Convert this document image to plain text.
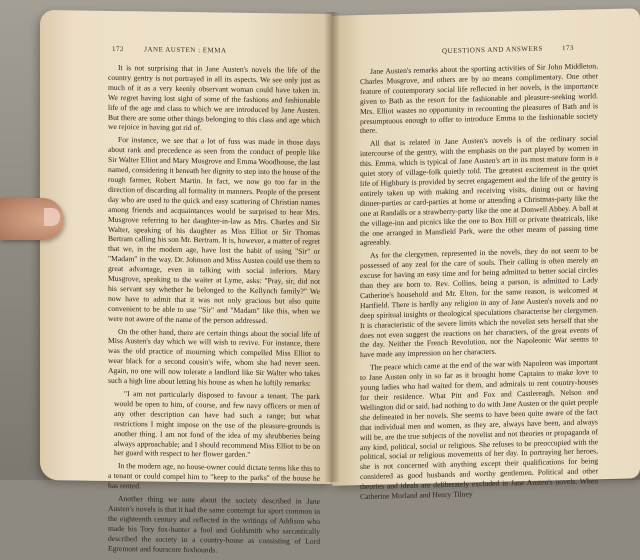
172	JANE AUSTEN : EMMA

It is not surprising that in Jane Austen's novels the life of the country gentry is not portrayed in all its aspects. We see only just as much of it as a very keenly observant woman could have taken in. We regret having lost sight of some of the fashions and fashionable life of the age and class to which we are introduced by Jane Austen. But there are some other things belonging to this class and age which we rejoice in having got rid of.

For instance, we see that a lot of fuss was made in those days about rank and precedence as seen from the conduct of people like Sir Walter Elliot and Mary Musgrove and Emma Woodhouse, the last named, considering it beneath her dignity to step into the house of the rough farmer, Robert Martin. In fact, we now go too far in the direction of discarding all formality in manners. People of the present day who are used to the quick and easy scattering of Christian names among friends and acquaintances would be surprised to hear Mrs. Musgrove referring to her daughter-in-law as Mrs. Charles and Sir Walter, speaking of his daughter as Miss Elliot or Sir Thomas Bertram calling his son Mr. Bertram. It is, however, a matter of regret that we, in the modern age, have lost the habit of using "Sir" or "Madam" in the way. Dr. Johnson and Miss Austen could use them to great advantage, even in talking with social inferiors. Mary Musgrove, speaking to the waiter at Lyme, asks: "Pray, sir, did not his servant say whether he belonged to the Kellynch family?" We now have to admit that it was not only gracious but also quite convenient to be able to use "Sir" and "Madam" like this, when we were not aware of the name of the person addressed.

On the other hand, there are certain things about the social life of Miss Austen's day which we will wish to revive. For instance, there was the old practice of mourning which compelled Miss Elliot to wear black for a second cousin's wife, whom she had never seen. Again, no one will now tolerate a landlord like Sir Walter who takes such a high line about letting his house as when he loftily remarks:

"I am not particularly disposed to favour a tenant. The park would be open to him, of course, and few navy officers or men of any other description can have had such a range; but what restrictions I might impose on the use of the pleasure-grounds is another thing. I am not fond of the idea of my shrubberies being always approachable; and I should recommend Miss Elliot to be on her guard with respect to her flower garden."

In the modern age, no house-owner could dictate terms like this to a tenant or could compel him to "keep to the parks" of the house he has rented.

Another thing we note about the society described in Jane Austen's novels is that it had the same contempt for sport common in the eighteenth century and reflected in the writings of Addison who made his Tory fox-hunter a fool and Goldsmith who sarcastically described the society in a country-house as consisting of Lord Egremont and fourscore foxhounds.

QUESTIONS AND ANSWERS	173

Jane Austen's remarks about the sporting activities of Sir John Middleton, Charles Musgrove, and others are by no means complimentary. One other feature of contemporary social life reflected in her novels, is the importance given to Bath as the resort for the fashionable and pleasure-seeking world. Mrs. Elliot wastes no opportunity in recounting the pleasures of Bath and is presumptuous enough to offer to introduce Emma to the fashionable society there.

All that is related in Jane Austen's novels is of the ordinary social intercourse of the gentry, with the emphasis on the part played by women in this. Emma, which is typical of Jane Austen's art in its most mature form is a quiet story of village-folk quietly told. The greatest excitement in the quiet life of Highbury is provided by secret engagement and the life of the gentry is entirely taken up with making and receiving visits, dining out or having dinner-parties or card-parties at home or attending a Christmas-party like the one at Randalls or a strawberry-party like the one at Donwell Abbey. A ball at the village-inn and picnics like the one to Box Hill or private theatricals, like the one arranged in Mansfield Park, were the other means of passing time agreeably.

As for the clergymen, represented in the novels, they do not seem to be possessed of any zeal for the care of souls. Their calling is often merely an excuse for having an easy time and for being admitted to better social circles than they are born to. Rev. Collins, being a parson, is admitted to Lady Catherine's household and Mr. Elton, for the same reason, is welcomed at Hartfield. There is hardly any religion in any of Jane Austen's novels and no deep spiritual insights or theological speculations characterise her clergymen. It is characteristic of the severe limits which the novelist sets herself that she does not even suggest the reactions on her characters, of the great events of the day. Neither the French Revolution, nor the Napoleonic War seems to have made any impression on her characters.

The peace which came at the end of the war with Napoleon was important to Jane Austen only in so far as it brought home Captains to make love to young ladies who had waited for them, and admirals to rent country-houses for their residence. What Pitt and Fox and Castlereagh, Nelson and Wellington did or said, had nothing to do with Jane Austen or the quiet people she delineated in her novels. She seems to have been quite aware of the fact that individual men and women, as they are, always have been, and always will be, are the true subjects of the novelist and not theories or propaganda of any kind, political, social or religious. She refuses to be preoccupied with the political, social or religious movements of her day. In portraying her heroes, she is not concerned with anything except their qualifications for being considered as good husbands and worthy gentlemen. Political and other theories and ideals are deliberately excluded in Jane Austen's novels. When Catherine Morland and Henry Tilney
